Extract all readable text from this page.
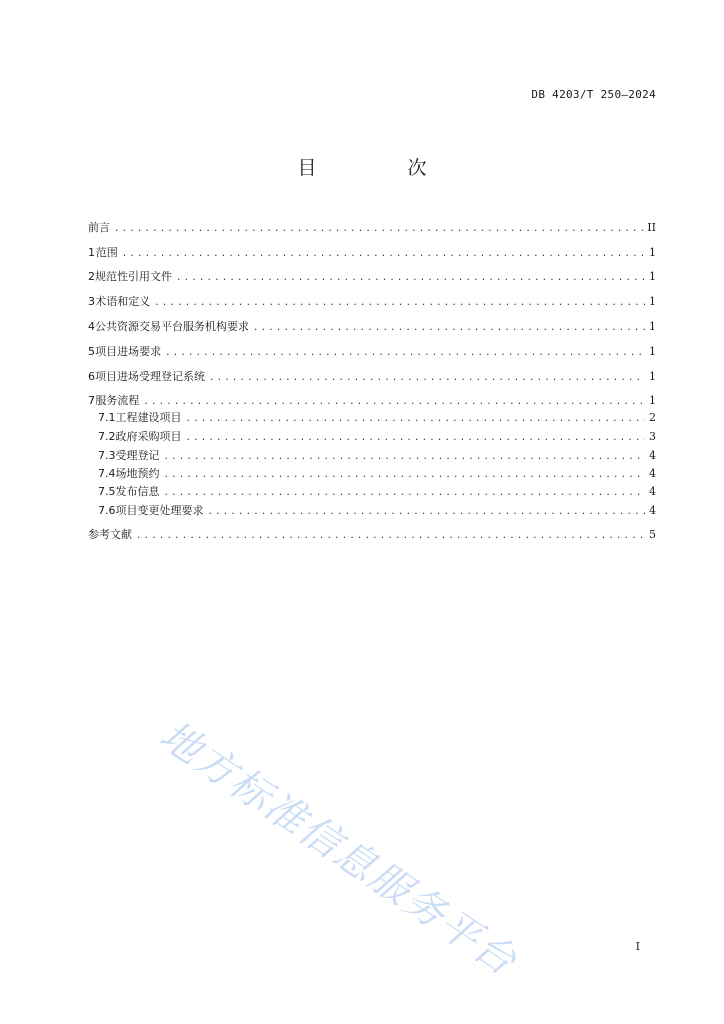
DB 4203/T 250—2024
目　次
前言 .....	II
1 范围 .....	1
2 规范性引用文件 .....	1
3 术语和定义 .....	1
4 公共资源交易平台服务机构要求 .....	1
5 项目进场要求 .....	1
6 项目进场受理登记系统 .....	1
7 服务流程 .....	1
7.1 工程建设项目 .....	2
7.2 政府采购项目 .....	3
7.3 受理登记 .....	4
7.4 场地预约 .....	4
7.5 发布信息 .....	4
7.6 项目变更处理要求 .....	4
参考文献 .....	5
地方标准信息服务平台	I
